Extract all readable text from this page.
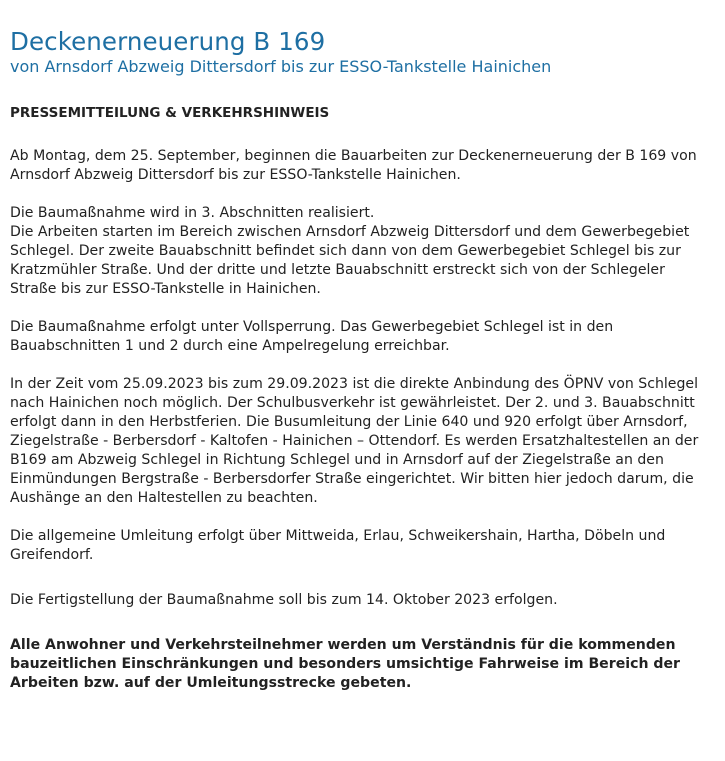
Deckenerneuerung B 169
von Arnsdorf Abzweig Dittersdorf bis zur ESSO-Tankstelle Hainichen
PRESSEMITTEILUNG & VERKEHRSHINWEIS

Ab Montag, dem 25. September, beginnen die Bauarbeiten zur Deckenerneuerung der B 169 von Arnsdorf Abzweig Dittersdorf bis zur ESSO-Tankstelle Hainichen.

Die Baumaßnahme wird in 3. Abschnitten realisiert.

Die Arbeiten starten im Bereich zwischen Arnsdorf Abzweig Dittersdorf und dem Gewerbegebiet Schlegel. Der zweite Bauabschnitt befindet sich dann von dem Gewerbegebiet Schlegel bis zur Kratzmühler Straße. Und der dritte und letzte Bauabschnitt erstreckt sich von der Schlegeler Straße bis zur ESSO-Tankstelle in Hainichen.

Die Baumaßnahme erfolgt unter Vollsperrung. Das Gewerbegebiet Schlegel ist in den Bauabschnitten 1 und 2 durch eine Ampelregelung erreichbar.

In der Zeit vom 25.09.2023 bis zum 29.09.2023 ist die direkte Anbindung des ÖPNV von Schlegel nach Hainichen noch möglich. Der Schulbusverkehr ist gewährleistet. Der 2. und 3. Bauabschnitt erfolgt dann in den Herbstferien. Die Busumleitung der Linie 640 und 920 erfolgt über Arnsdorf, Ziegelstraße - Berbersdorf - Kaltofen - Hainichen – Ottendorf. Es werden Ersatzhaltestellen an der B169 am Abzweig Schlegel in Richtung Schlegel und in Arnsdorf auf der Ziegelstraße an den Einmündungen Bergstraße - Berbersdorfer Straße eingerichtet. Wir bitten hier jedoch darum, die Aushänge an den Haltestellen zu beachten.

Die allgemeine Umleitung erfolgt über Mittweida, Erlau, Schweikershain, Hartha, Döbeln und Greifendorf.

Die Fertigstellung der Baumaßnahme soll bis zum 14. Oktober 2023 erfolgen.

Alle Anwohner und Verkehrsteilnehmer werden um Verständnis für die kommenden bauzeitlichen Einschränkungen und besonders umsichtige Fahrweise im Bereich der Arbeiten bzw. auf der Umleitungsstrecke gebeten.
